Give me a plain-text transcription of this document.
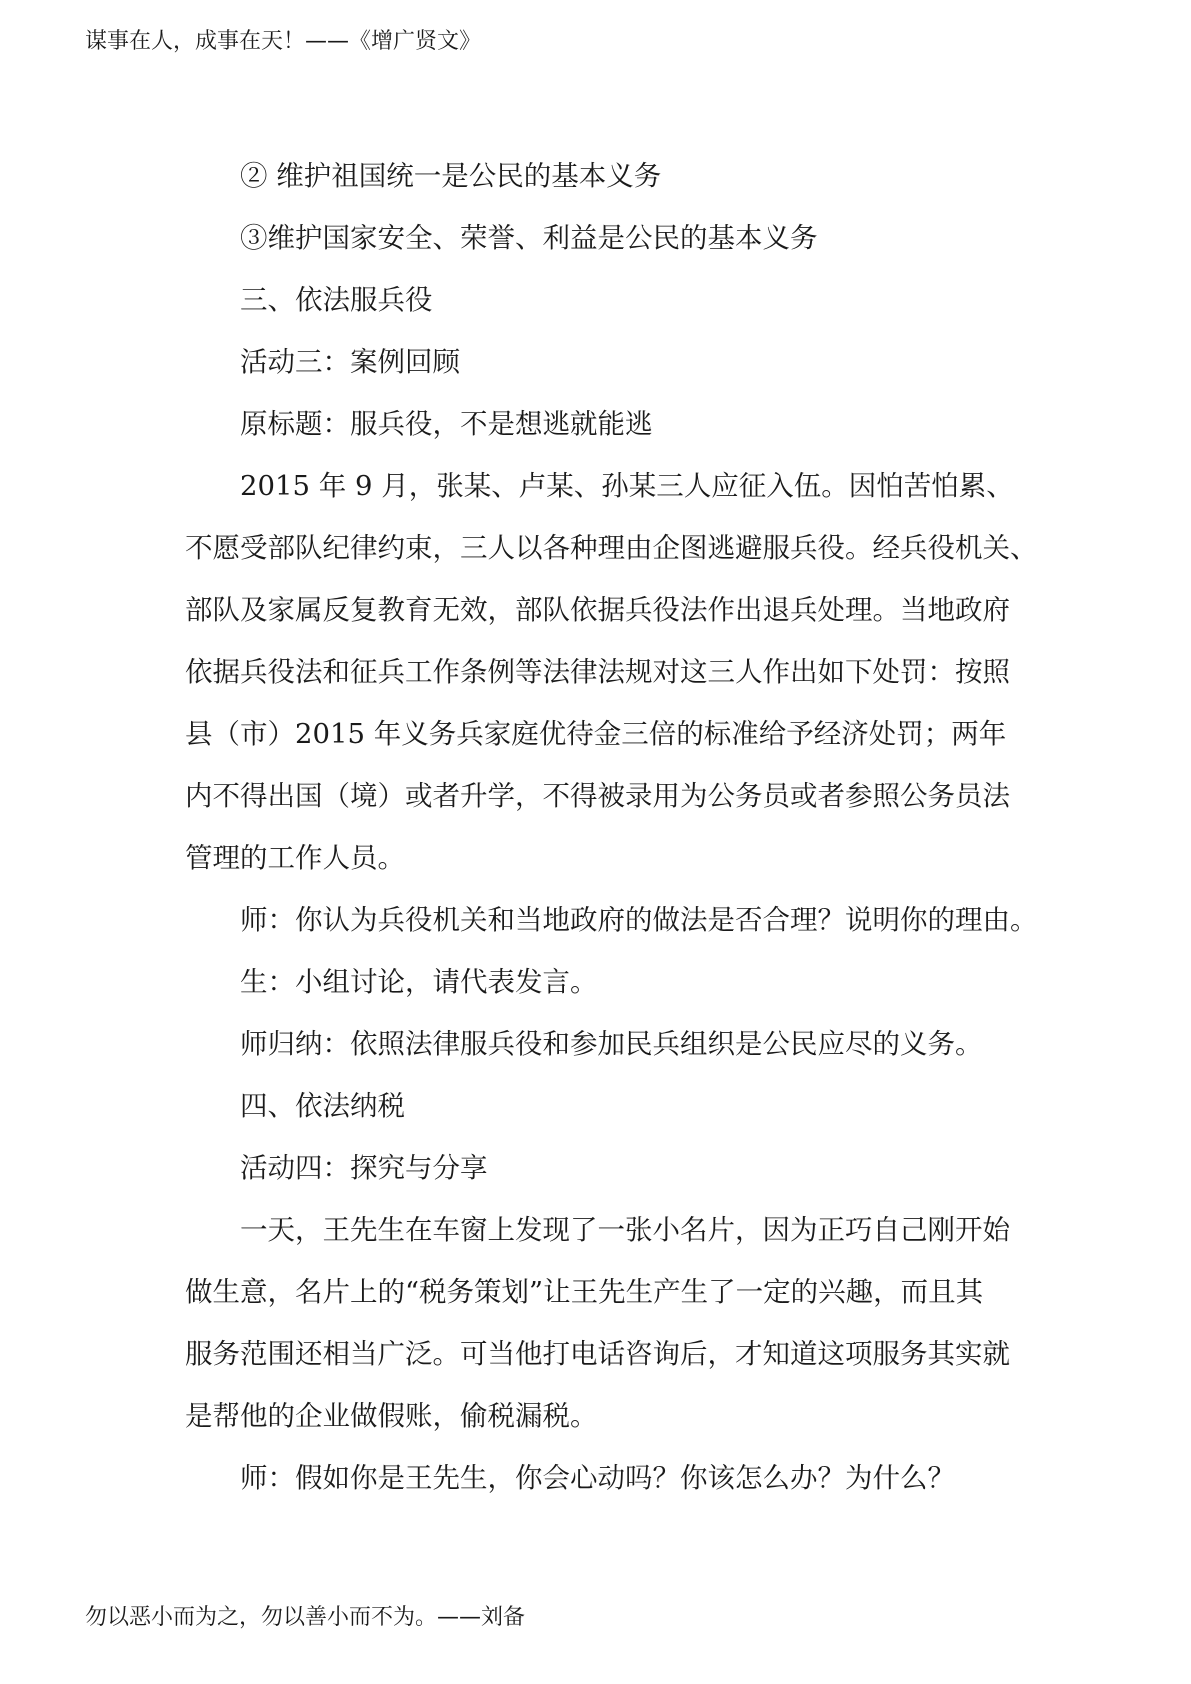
谋事在人，成事在天！——《增广贤文》
② 维护祖国统一是公民的基本义务
③维护国家安全、荣誉、利益是公民的基本义务
三、依法服兵役
活动三：案例回顾
原标题：服兵役，不是想逃就能逃
2015 年 9 月，张某、卢某、孙某三人应征入伍。因怕苦怕累、
不愿受部队纪律约束，三人以各种理由企图逃避服兵役。经兵役机关、
部队及家属反复教育无效，部队依据兵役法作出退兵处理。当地政府
依据兵役法和征兵工作条例等法律法规对这三人作出如下处罚：按照
县（市）2015 年义务兵家庭优待金三倍的标准给予经济处罚；两年
内不得出国（境）或者升学，不得被录用为公务员或者参照公务员法
管理的工作人员。
师：你认为兵役机关和当地政府的做法是否合理？说明你的理由。
生：小组讨论，请代表发言。
师归纳：依照法律服兵役和参加民兵组织是公民应尽的义务。
四、依法纳税
活动四：探究与分享
一天，王先生在车窗上发现了一张小名片，因为正巧自己刚开始
做生意，名片上的“税务策划”让王先生产生了一定的兴趣，而且其
服务范围还相当广泛。可当他打电话咨询后，才知道这项服务其实就
是帮他的企业做假账，偷税漏税。
师：假如你是王先生，你会心动吗？你该怎么办？为什么？
勿以恶小而为之，勿以善小而不为。——刘备
